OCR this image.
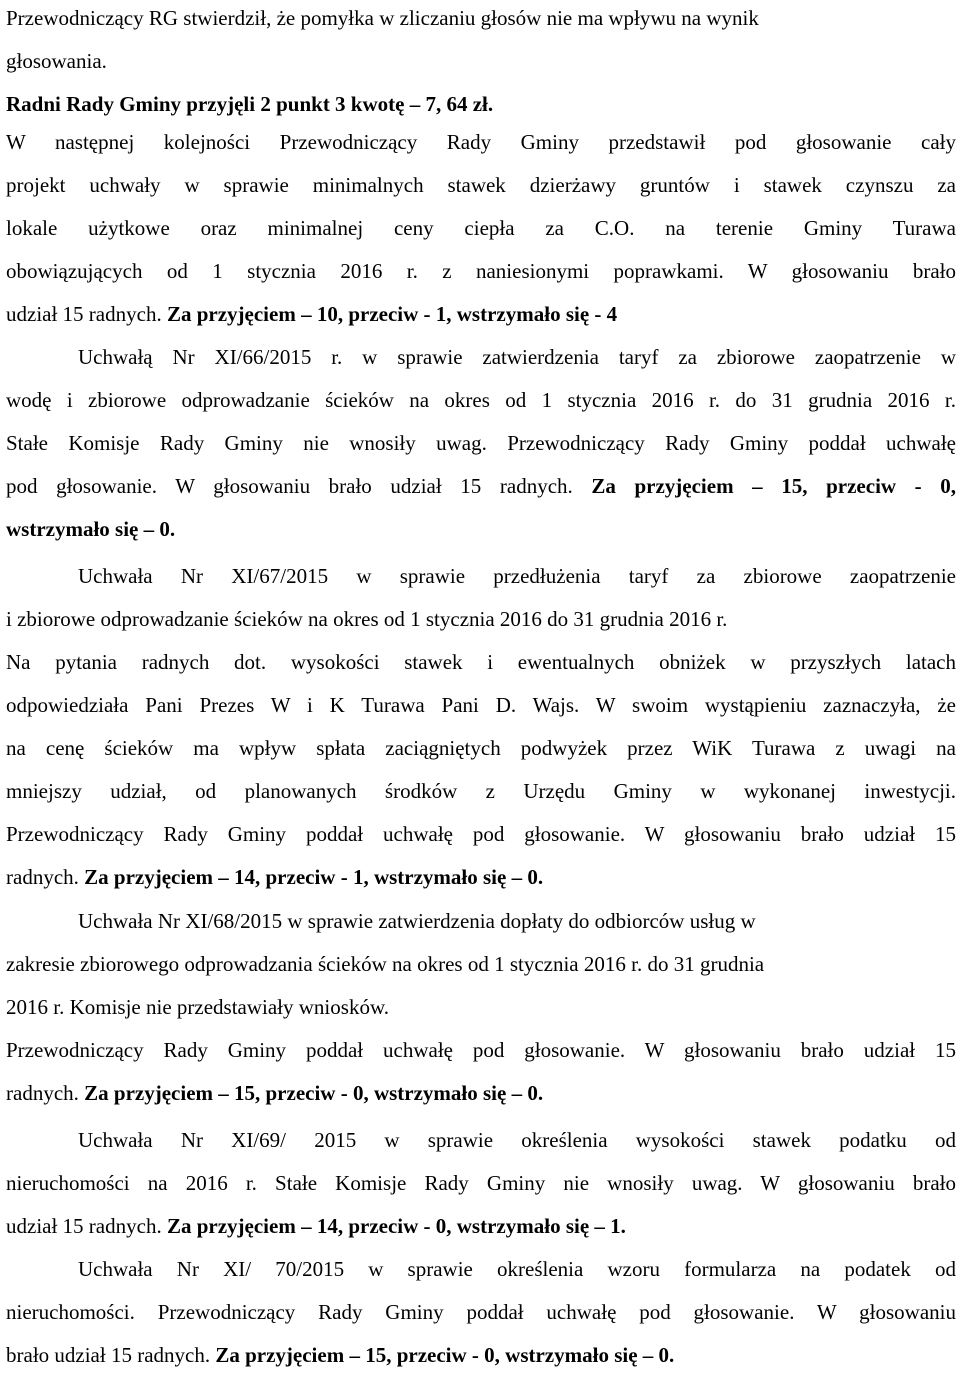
Przewodniczący RG stwierdził, że pomyłka w zliczaniu głosów nie ma wpływu na wynik
głosowania.
Radni Rady Gminy przyjęli 2 punkt 3 kwotę – 7, 64 zł.
W następnej kolejności Przewodniczący Rady Gminy przedstawił pod głosowanie cały
projekt uchwały w sprawie minimalnych stawek dzierżawy gruntów i stawek czynszu za
lokale użytkowe oraz minimalnej ceny ciepła za C.O. na terenie Gminy Turawa
obowiązujących od 1 stycznia 2016 r. z naniesionymi poprawkami. W głosowaniu brało
udział 15 radnych. Za przyjęciem – 10, przeciw - 1, wstrzymało się - 4
Uchwałą Nr XI/66/2015 r. w sprawie zatwierdzenia taryf za zbiorowe zaopatrzenie w
wodę i zbiorowe odprowadzanie ścieków na okres od 1 stycznia 2016 r. do 31 grudnia 2016 r.
Stałe Komisje Rady Gminy nie wnosiły uwag. Przewodniczący Rady Gminy poddał uchwałę
pod głosowanie. W głosowaniu brało udział 15 radnych. Za przyjęciem – 15, przeciw - 0,
wstrzymało się – 0.
Uchwała Nr XI/67/2015 w sprawie przedłużenia taryf za zbiorowe zaopatrzenie
i zbiorowe odprowadzanie ścieków na okres od 1 stycznia 2016 do 31 grudnia 2016 r.
Na pytania radnych dot. wysokości stawek i ewentualnych obniżek w przyszłych latach
odpowiedziała Pani Prezes W i K Turawa Pani D. Wajs. W swoim wystąpieniu zaznaczyła, że
na cenę ścieków ma wpływ spłata zaciągniętych podwyżek przez WiK Turawa z uwagi na
mniejszy udział, od planowanych środków z Urzędu Gminy w wykonanej inwestycji.
Przewodniczący Rady Gminy poddał uchwałę pod głosowanie. W głosowaniu brało udział 15
radnych. Za przyjęciem – 14, przeciw - 1, wstrzymało się – 0.
Uchwała Nr XI/68/2015 w sprawie zatwierdzenia dopłaty do odbiorców usług w
zakresie zbiorowego odprowadzania ścieków na okres od 1 stycznia 2016 r. do 31 grudnia
2016 r. Komisje nie przedstawiały wniosków.
Przewodniczący Rady Gminy poddał uchwałę pod głosowanie. W głosowaniu brało udział 15
radnych. Za przyjęciem – 15, przeciw - 0, wstrzymało się – 0.
Uchwała Nr XI/69/ 2015 w sprawie określenia wysokości stawek podatku od
nieruchomości na 2016 r. Stałe Komisje Rady Gminy nie wnosiły uwag. W głosowaniu brało
udział 15 radnych. Za przyjęciem – 14, przeciw - 0, wstrzymało się – 1.
Uchwała Nr XI/ 70/2015 w sprawie określenia wzoru formularza na podatek od
nieruchomości. Przewodniczący Rady Gminy poddał uchwałę pod głosowanie. W głosowaniu
brało udział 15 radnych. Za przyjęciem – 15, przeciw - 0, wstrzymało się – 0.
